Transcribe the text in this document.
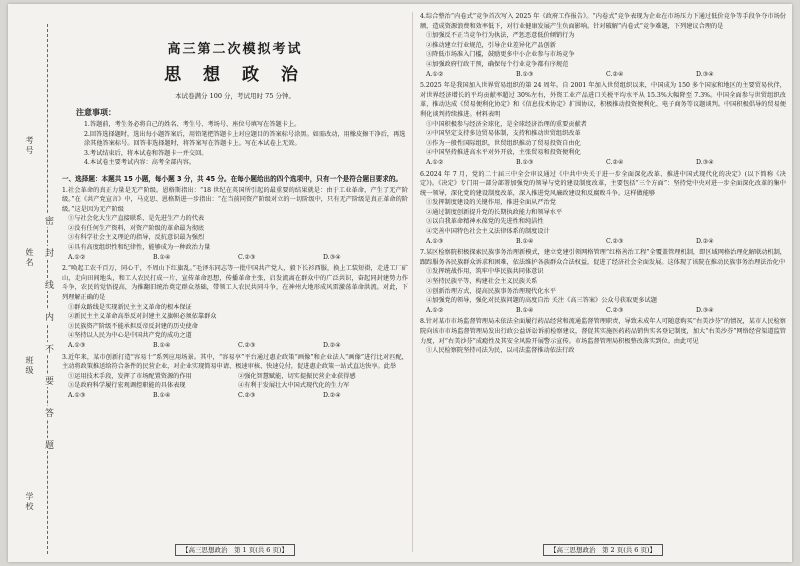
考号
姓名
班级
学校
密
封
线
内
不
要
答
题
高三第二次模拟考试
思 想 政 治
本试卷满分 100 分，考试用时 75 分钟。
注意事项：

1.答题前，考生务必将自己的姓名、考生号、考场号、座位号填写在答题卡上。

2.回答选择题时，选出每小题答案后，用铅笔把答题卡上对应题目的答案标号涂黑。如需改动，用橡皮擦干净后，再选涂其他答案标号。回答非选择题时，将答案写在答题卡上。写在本试卷上无效。

3.考试结束后，将本试卷和答题卡一并交回。

4.本试卷主要考试内容：高考全部内容。

一、选择题：本题共 15 小题，每小题 3 分，共 45 分。在每小题给出的四个选项中，只有一个是符合题目要求的。
1.社会革命的真正力量是无产阶级。恩格斯指出：“18 世纪在英国所引起的最重要的结果就是：由于工业革命，产生了无产阶级。”在《共产党宣言》中，马克思、恩格斯进一步指出：“在当前同资产阶级对立的一切阶级中，只有无产阶级是真正革命的阶级。”这是因为无产阶级
①与社会化大生产直接联系，是先进生产力的代表
②没有任何生产资料，对资产阶级的革命最为彻底
③有科学社会主义理论的指导，反抗意识最为强烈
④具有高度组织性和纪律性，能够成为一种政治力量
A.①②	B.①④	C.②③	D.③④
2.“唤起工农千百万，同心干，不周山下红旗乱。”毛泽东同志等一批中国共产党人，毅下长衫西服，换上工装短褂，走进工厂矿山，走向田间地头，和工人农民打成一片，宣传革命思想，传播革命主张，启发流离在群众中的广泛共识，奋起同封建势力作斗争，农民的觉悟提高，为推翻旧统治奠定群众基础，带领工人农民共同斗争，在神州大地形成风雷激荡革命洪流。对此，下列理解正确的是
①群众路线是实现新民主主义革命的根本保证
②新民主主义革命高举反对封建主义旗帜必须依靠群众
③民族资产阶级不能承担反帝反封建的历史使命
④坚持以人民为中心是中国共产党的成功之道
A.①③	B.①④	C.②③	D.②④
3.近年来，某市创新打造“容易十”系列应用场景。其中，“容易享”平台通过惠企政策“画像”和企业法人“画像”进行比对匹配，主动将政策推送给符合条件的民营企业，对企业实现简易申请、极速审核、快速兑付，促进惠企政策一站式直达快享。此举
①运用技术手段，发挥了市场配置资源的作用	②强化智慧赋能，切实提振民营企业获得感
③是政府科学履行宏观调控职能的具体表现	④有利于发展壮大中国式现代化的生力军
A.①③	B.①④	C.②③	D.②④
【高三思想政治　第 1 页(共 6 页)】
4.综合整治“内卷式”竞争首次写入 2025 年《政府工作报告》。“内卷式”竞争表现为企业在市场压力下通过低价竞争等手段争夺市场份额，造成资源浪费和效率低下，对行业健康发展产生负面影响。针对破解“内卷式”竞争难题，下列建议合理的是
①加强反不正当竞争行为执法，严惩恶意低价倾销行为
②推动建立行业规范，引导企业差异化产品创新
③降低市场准入门槛，鼓励更多中小企业参与市场竞争
④加强政府行政干预，确保每个行业竞争都有序规范
A.①②	B.①③	C.②④	D.③④
5.2025 年是我国加入世界贸易组织的第 24 周年。自 2001 年加入世贸组织以来，中国成为 150 多个国家和地区的主要贸易伙伴，对世界经济增长的平均贡献率超过 30%左右，外资工业产品进口关税平均水平从 15.3%大幅降至 7.3%。中国全面参与世贸组织改革，推动达成《贸易便利化协定》和《信息技术协定》扩围协议，积极推动投资便利化、电子商务等议题谈判。中国积极倡导的贸易便利化谈判持续推进。材料表明
①中国积极参与经济全球化，是全球经济治理的重要贡献者
②中国坚定支持多边贸易体制，支持和推动世贸组织改革
③作为一般性国际组织，世贸组织推动了贸易投资自由化
④中国坚持推进高水平对外开放，主张贸易和投资便利化
A.①②	B.①③	C.②④	D.③④
6.2024 年 7 月，党的二十届三中全会审议通过《中共中央关于进一步全面深化改革、推进中国式现代化的决定》(以下简称《决定》)。《决定》专门用一部分部署加强党的领导与党的建设制度改革，主要包括“三个方面”：坚持党中央对进一步全面深化改革的集中统一领导，深化党的建设制度改革，深入推进党风廉政建设和反腐败斗争。这样做能够
①发挥制度建设的关键作用，推进全面从严治党
②通过制度创新提升党的长期执政能力和领导水平
③以自我革命精神永葆党的先进性和纯洁性
④完善中国特色社会主义法律体系的制度设计
A.①③	B.①④	C.②③	D.②④
7.某区检察院积极探索民族事务治理新模式，建立党建引领网格管理“红格善治工程”全覆盖管理机制，即区域网格治理化解联动机制，跟踪服务各民族群众诉求和困难，依法维护各族群众合法权益，促进了经济社会全面发展。这体现了该院在推动民族事务治理法治化中
①发挥统战作用，筑牢中华民族共同体意识
②坚持民族平等，构建社会主义民族关系
③创新治理方式，提高民族事务治理现代化水平
④加强党的领导，强化对民族问题的高度自治 关注《高三答案》公众号获取更多试题
A.①②	B.①④	C.②③	D.③④
8.针对某市市场监督管理局未依法全面履行药品经营和流通监督管理职责，导致未成年人可随意购买“右美沙芬”的情况，某市人民检察院向该市市场监督管理局发出行政公益诉讼诉前检察建议，督促其实施医药药品销售实名登记制度，加大“右美沙芬”网络经营渠道监管力度，对“右美沙芬”成瘾性及其安全风险开展警示宣传。市场监督管理局积极整改落实到位。由此可见
①人民检察院坚持司法为民，以司法监督推动依法行政
【高三思想政治　第 2 页(共 6 页)】
